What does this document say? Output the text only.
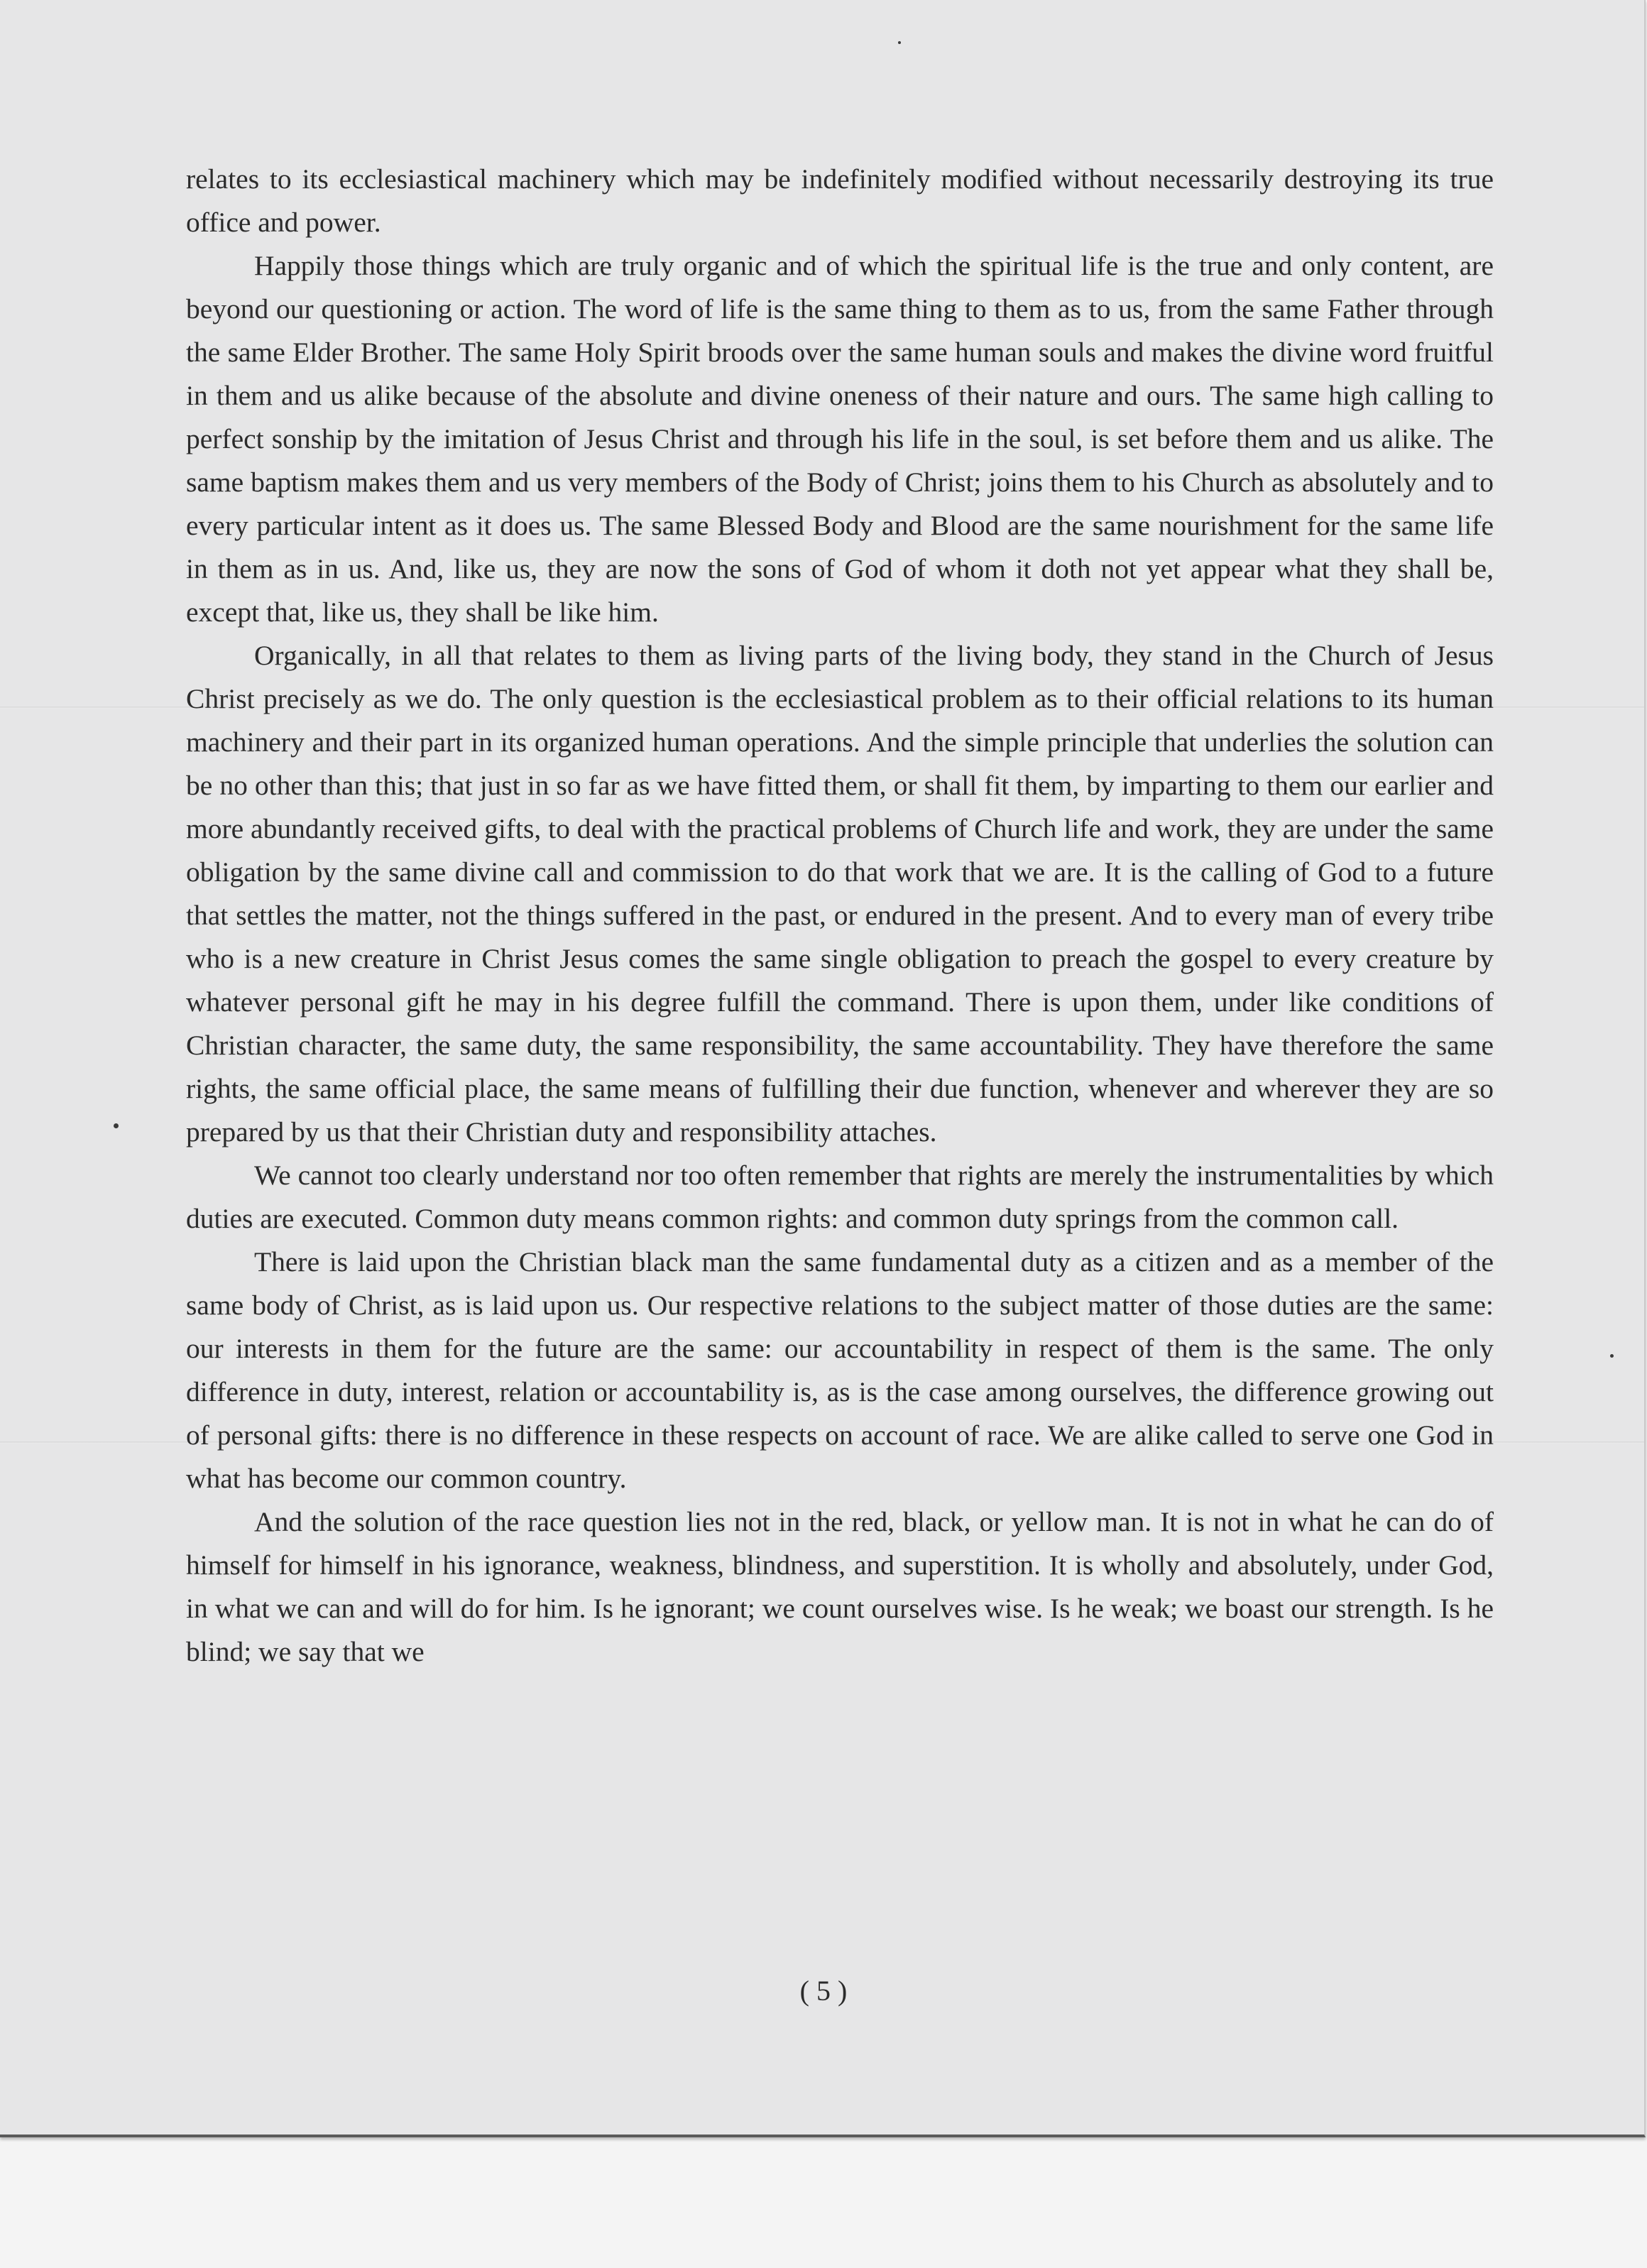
relates to its ecclesiastical machinery which may be indefinitely modified without necessarily destroying its true office and power.

Happily those things which are truly organic and of which the spiritual life is the true and only content, are beyond our questioning or action. The word of life is the same thing to them as to us, from the same Father through the same Elder Brother. The same Holy Spirit broods over the same human souls and makes the divine word fruitful in them and us alike because of the absolute and divine oneness of their nature and ours. The same high calling to perfect sonship by the imitation of Jesus Christ and through his life in the soul, is set before them and us alike. The same baptism makes them and us very members of the Body of Christ; joins them to his Church as absolutely and to every particular intent as it does us. The same Blessed Body and Blood are the same nourishment for the same life in them as in us. And, like us, they are now the sons of God of whom it doth not yet appear what they shall be, except that, like us, they shall be like him.

Organically, in all that relates to them as living parts of the living body, they stand in the Church of Jesus Christ precisely as we do. The only question is the ecclesiastical problem as to their official relations to its human machinery and their part in its organized human operations. And the simple principle that underlies the solution can be no other than this; that just in so far as we have fitted them, or shall fit them, by imparting to them our earlier and more abundantly received gifts, to deal with the practical problems of Church life and work, they are under the same obligation by the same divine call and commission to do that work that we are. It is the calling of God to a future that settles the matter, not the things suffered in the past, or endured in the present. And to every man of every tribe who is a new creature in Christ Jesus comes the same single obligation to preach the gospel to every creature by whatever personal gift he may in his degree fulfill the command. There is upon them, under like conditions of Christian character, the same duty, the same responsibility, the same accountability. They have therefore the same rights, the same official place, the same means of fulfilling their due function, whenever and wherever they are so prepared by us that their Christian duty and responsibility attaches.

We cannot too clearly understand nor too often remember that rights are merely the instrumentalities by which duties are executed. Common duty means common rights: and common duty springs from the common call.

There is laid upon the Christian black man the same fundamental duty as a citizen and as a member of the same body of Christ, as is laid upon us. Our respective relations to the subject matter of those duties are the same: our interests in them for the future are the same: our accountability in respect of them is the same. The only difference in duty, interest, relation or accountability is, as is the case among ourselves, the difference growing out of personal gifts: there is no difference in these respects on account of race. We are alike called to serve one God in what has become our common country.

And the solution of the race question lies not in the red, black, or yellow man. It is not in what he can do of himself for himself in his ignorance, weakness, blindness, and superstition. It is wholly and absolutely, under God, in what we can and will do for him. Is he ignorant; we count ourselves wise. Is he weak; we boast our strength. Is he blind; we say that we

( 5 )
